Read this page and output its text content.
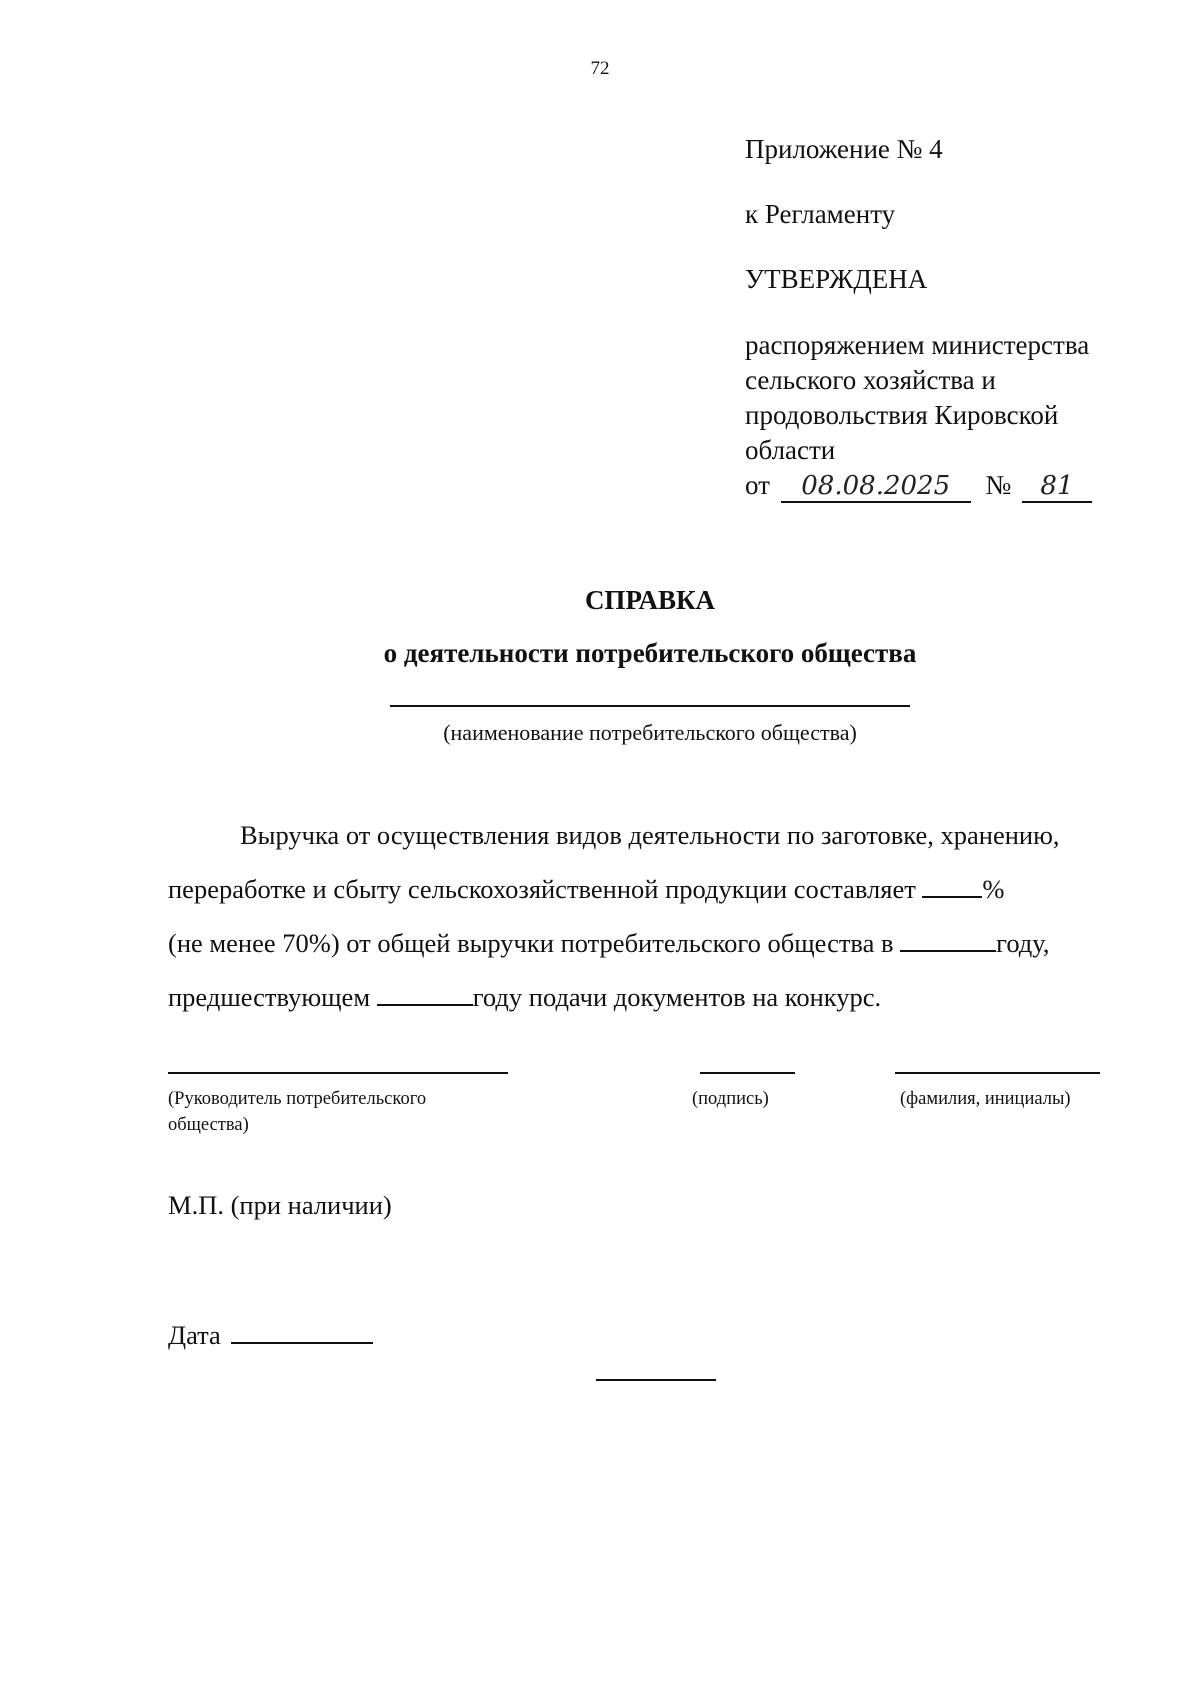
72
Приложение № 4
к Регламенту
УТВЕРЖДЕНА
распоряжением министерства
сельского хозяйства и
продовольствия Кировской
области
от 08.08.2025 № 81
СПРАВКА
о деятельности потребительского общества
(наименование потребительского общества)

Выручка от осуществления видов деятельности по заготовке, хранению,

переработке и сбыту сельскохозяйственной продукции составляет	%

(не менее 70%) от общей выручки потребительского общества в	году,

предшествующем	году подачи документов на конкурс.

(Руководитель потребительского
общества)
(подпись)	(фамилия, инициалы)
М.П. (при наличии)
Дата
